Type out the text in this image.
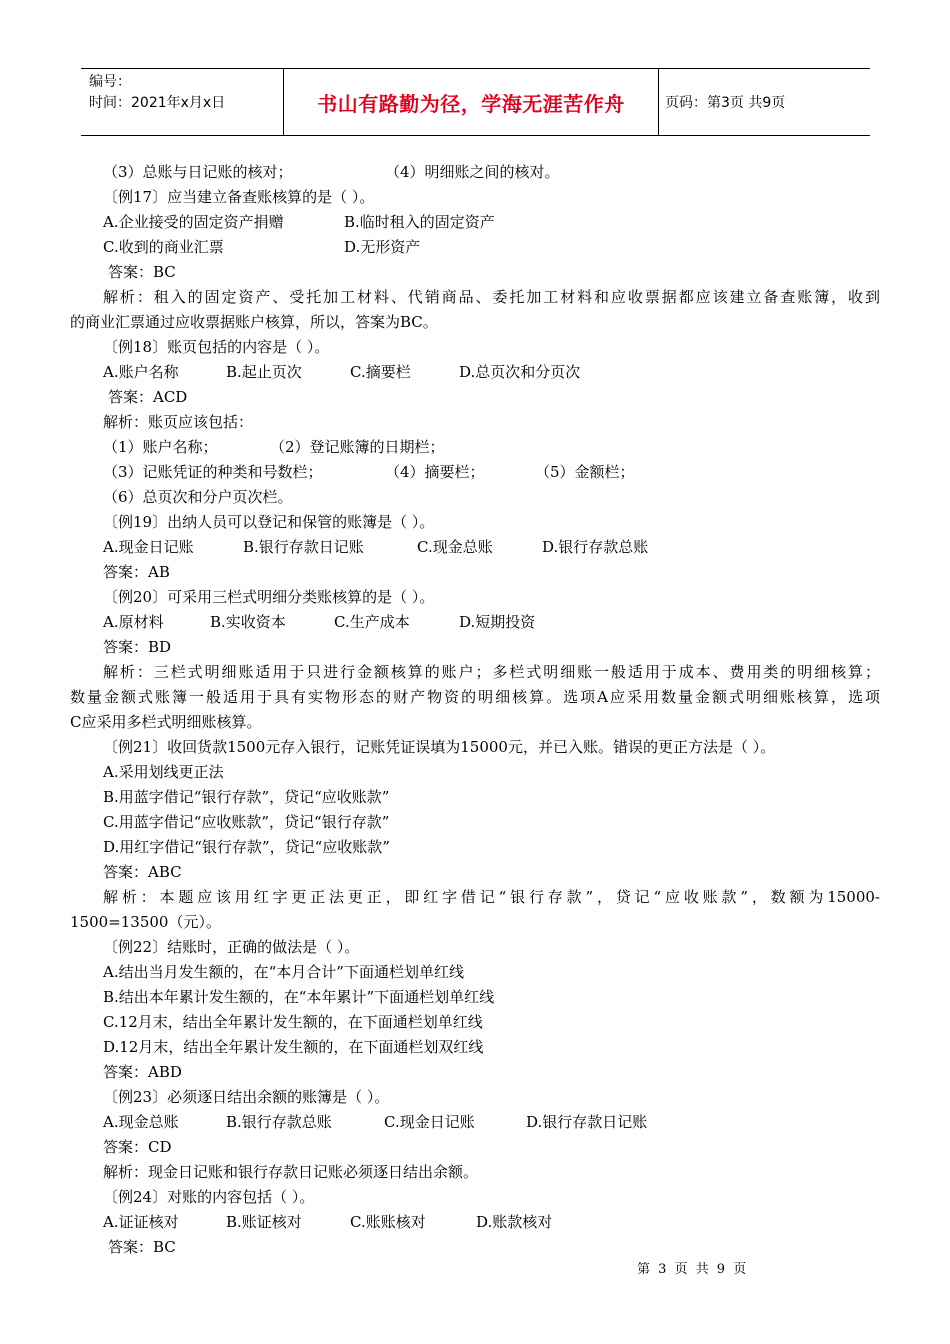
编号：
时间：2021年x月x日	书山有路勤为径，学海无涯苦作舟	页码：第3页 共9页
（3）总账与日记账的核对；	（4）明细账之间的核对。
〔例17〕应当建立备查账核算的是（ ）。
A.企业接受的固定资产捐赠	B.临时租入的固定资产
C.收到的商业汇票	D.无形资产
答案：BC
解析：租入的固定资产、受托加工材料、代销商品、委托加工材料和应收票据都应该建立备查账簿，收到
的商业汇票通过应收票据账户核算，所以，答案为BC。
〔例18〕账页包括的内容是（ ）。
A.账户名称	B.起止页次	C.摘要栏	D.总页次和分页次
答案：ACD
解析：账页应该包括：
（1）账户名称；	（2）登记账簿的日期栏；
（3）记账凭证的种类和号数栏；	（4）摘要栏；	（5）金额栏；
（6）总页次和分户页次栏。
〔例19〕出纳人员可以登记和保管的账簿是（ ）。
A.现金日记账	B.银行存款日记账	C.现金总账	D.银行存款总账
答案：AB
〔例20〕可采用三栏式明细分类账核算的是（ ）。
A.原材料	B.实收资本	C.生产成本	D.短期投资
答案：BD
解析：三栏式明细账适用于只进行金额核算的账户；多栏式明细账一般适用于成本、费用类的明细核算；
数量金额式账簿一般适用于具有实物形态的财产物资的明细核算。选项A应采用数量金额式明细账核算，选项
C应采用多栏式明细账核算。
〔例21〕收回货款1500元存入银行，记账凭证误填为15000元，并已入账。错误的更正方法是（ ）。
A.采用划线更正法
B.用蓝字借记“银行存款”，贷记“应收账款”
C.用蓝字借记“应收账款”，贷记“银行存款”
D.用红字借记“银行存款”，贷记“应收账款”
答案：ABC
解析：本题应该用红字更正法更正，即红字借记“银行存款”，贷记“应收账款”，数额为15000-
1500=13500（元）。
〔例22〕结账时，正确的做法是（ ）。
A.结出当月发生额的，在“本月合计”下面通栏划单红线
B.结出本年累计发生额的，在“本年累计”下面通栏划单红线
C.12月末，结出全年累计发生额的，在下面通栏划单红线
D.12月末，结出全年累计发生额的，在下面通栏划双红线
答案：ABD
〔例23〕必须逐日结出余额的账簿是（ ）。
A.现金总账	B.银行存款总账	C.现金日记账	D.银行存款日记账
答案：CD
解析：现金日记账和银行存款日记账必须逐日结出余额。
〔例24〕对账的内容包括（ ）。
A.证证核对	B.账证核对	C.账账核对	D.账款核对
答案：BC
第 3 页 共 9 页
